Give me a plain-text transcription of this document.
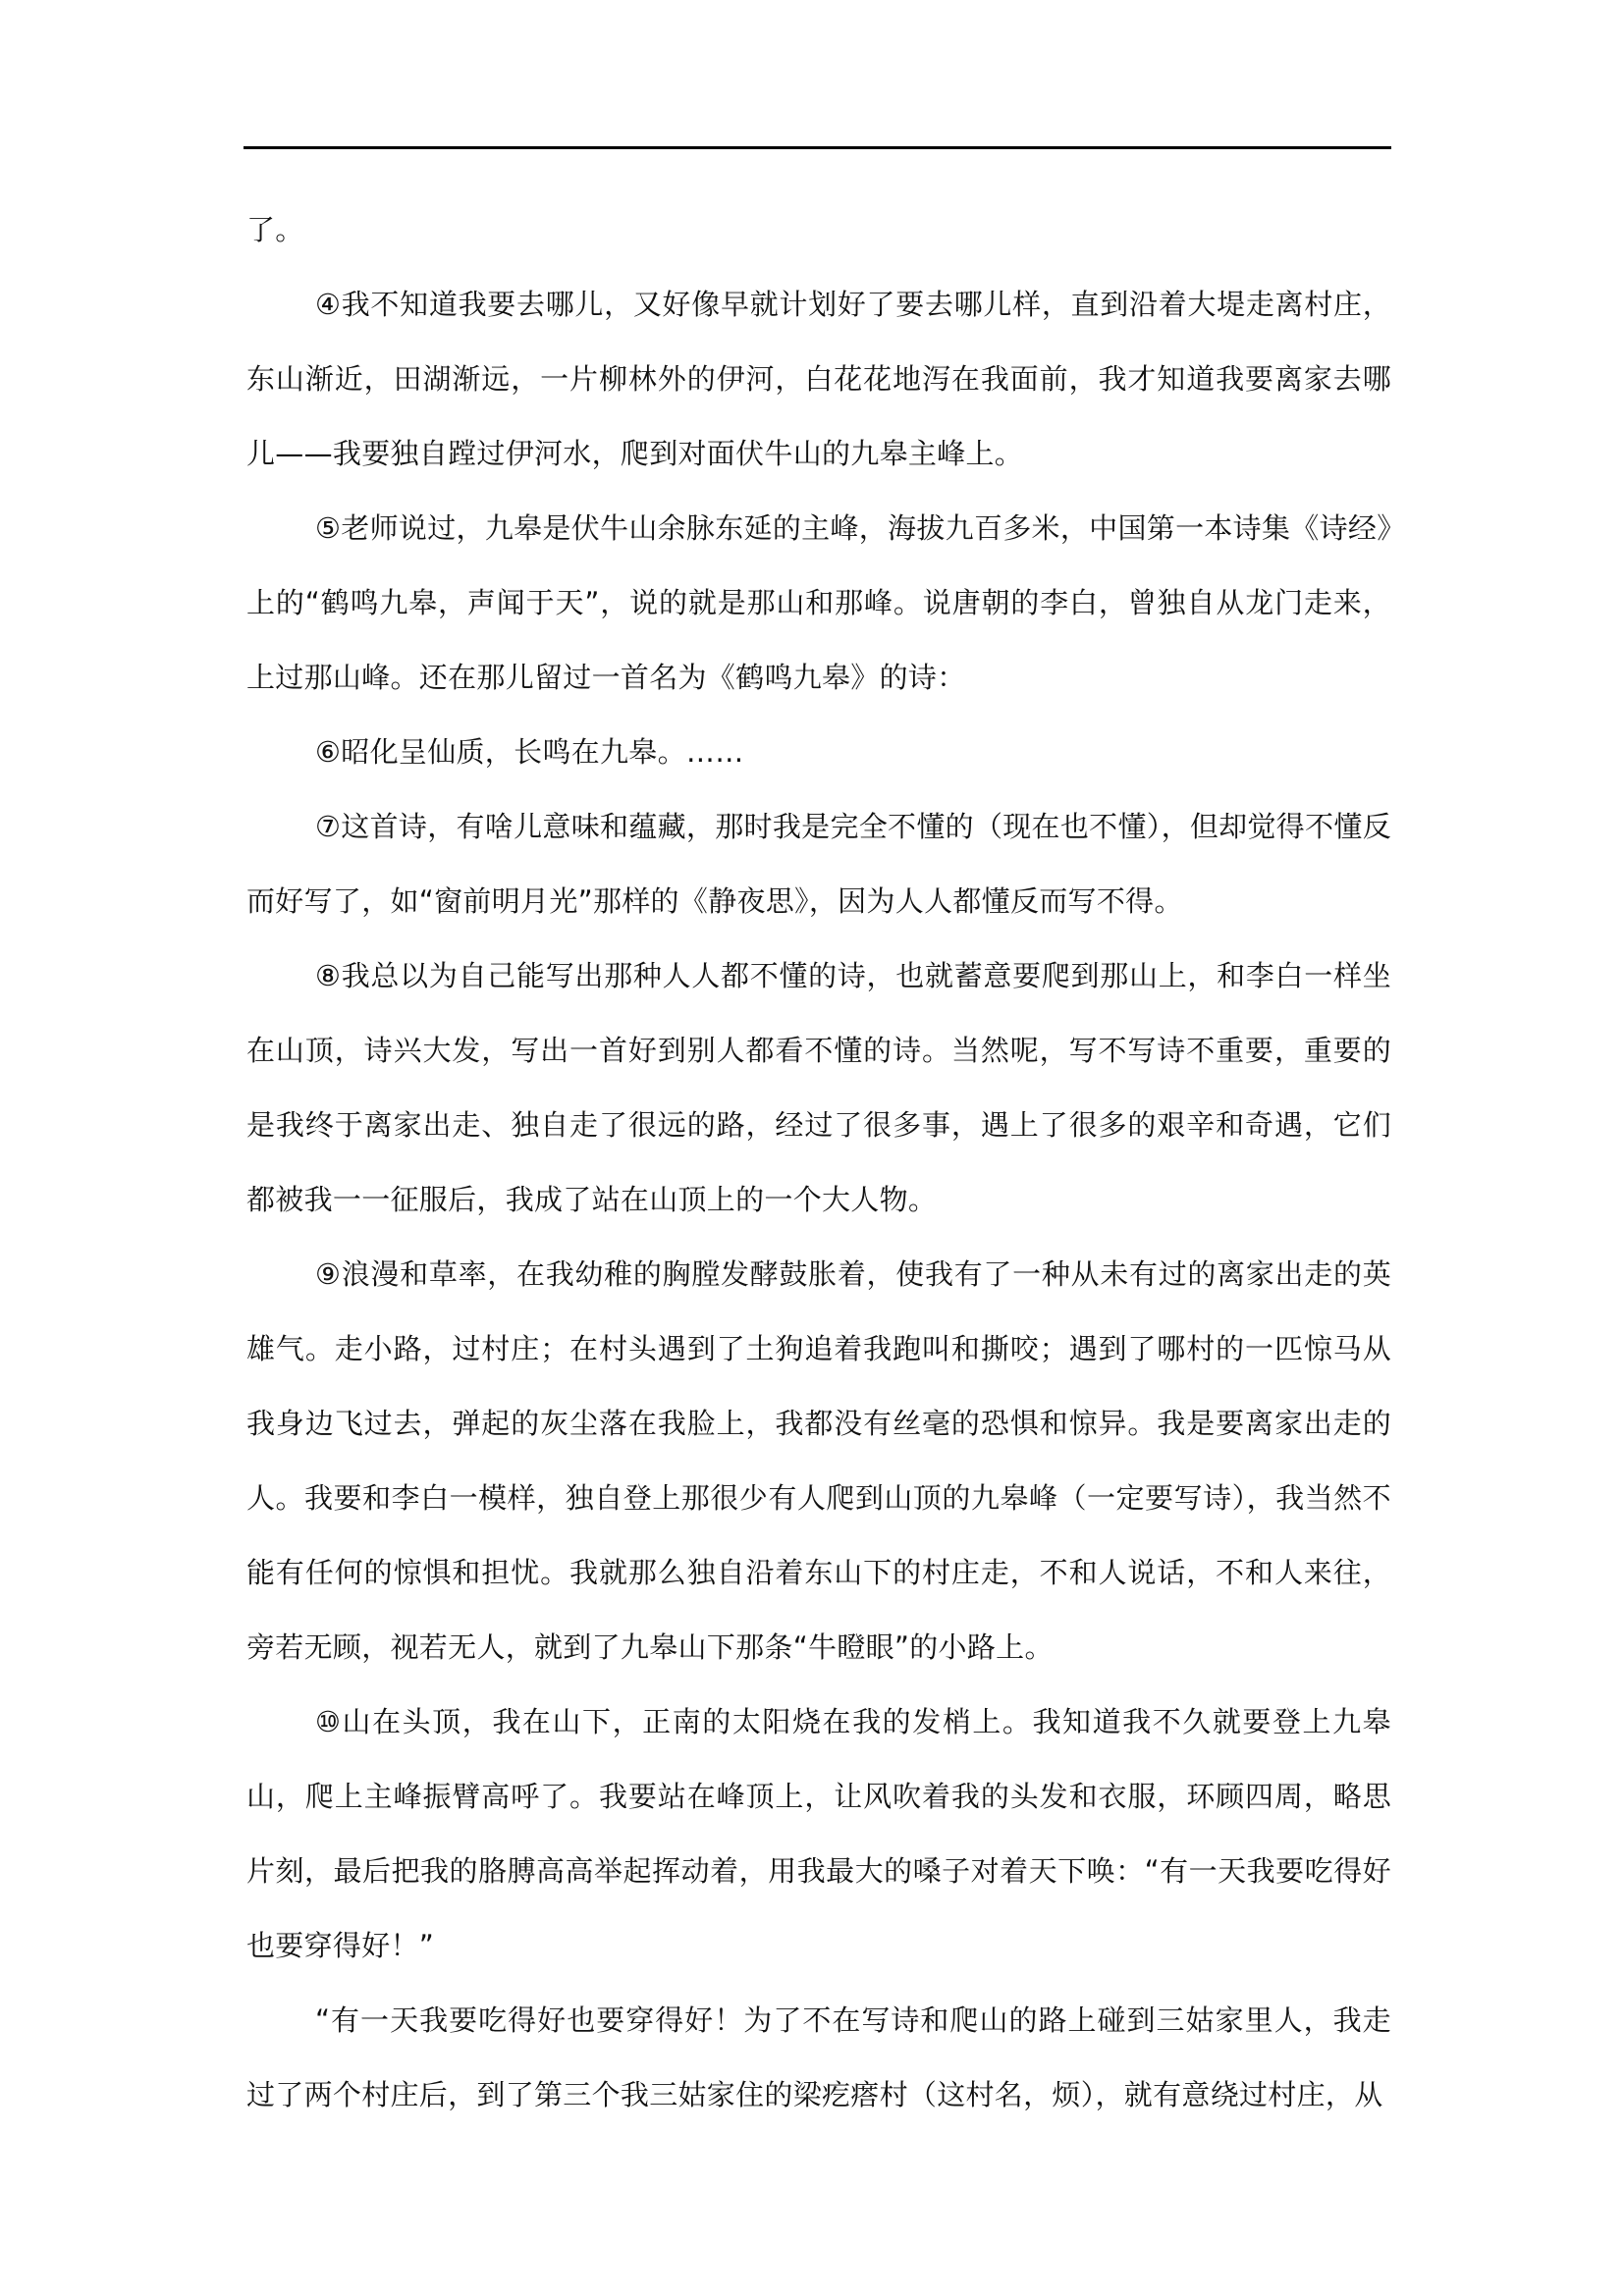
了。

④我不知道我要去哪儿，又好像早就计划好了要去哪儿样，直到沿着大堤走离村庄，东山渐近，田湖渐远，一片柳林外的伊河，白花花地泻在我面前，我才知道我要离家去哪儿——我要独自蹚过伊河水，爬到对面伏牛山的九皋主峰上。

⑤老师说过，九皋是伏牛山余脉东延的主峰，海拔九百多米，中国第一本诗集《诗经》上的“鹤鸣九皋，声闻于天”，说的就是那山和那峰。说唐朝的李白，曾独自从龙门走来，上过那山峰。还在那儿留过一首名为《鹤鸣九皋》的诗：

⑥昭化呈仙质，长鸣在九皋。……

⑦这首诗，有啥儿意味和蕴藏，那时我是完全不懂的（现在也不懂），但却觉得不懂反而好写了，如“窗前明月光”那样的《静夜思》，因为人人都懂反而写不得。

⑧我总以为自己能写出那种人人都不懂的诗，也就蓄意要爬到那山上，和李白一样坐在山顶，诗兴大发，写出一首好到别人都看不懂的诗。当然呢，写不写诗不重要，重要的是我终于离家出走、独自走了很远的路，经过了很多事，遇上了很多的艰辛和奇遇，它们都被我一一征服后，我成了站在山顶上的一个大人物。

⑨浪漫和草率，在我幼稚的胸膛发酵鼓胀着，使我有了一种从未有过的离家出走的英雄气。走小路，过村庄；在村头遇到了土狗追着我跑叫和撕咬；遇到了哪村的一匹惊马从我身边飞过去，弹起的灰尘落在我脸上，我都没有丝毫的恐惧和惊异。我是要离家出走的人。我要和李白一模样，独自登上那很少有人爬到山顶的九皋峰（一定要写诗），我当然不能有任何的惊惧和担忧。我就那么独自沿着东山下的村庄走，不和人说话，不和人来往，旁若无顾，视若无人，就到了九皋山下那条“牛瞪眼”的小路上。

⑩山在头顶，我在山下，正南的太阳烧在我的发梢上。我知道我不久就要登上九皋山，爬上主峰振臂高呼了。我要站在峰顶上，让风吹着我的头发和衣服，环顾四周，略思片刻，最后把我的胳膊高高举起挥动着，用我最大的嗓子对着天下唤：“有一天我要吃得好也要穿得好！”

“有一天我要吃得好也要穿得好！为了不在写诗和爬山的路上碰到三姑家里人，我走过了两个村庄后，到了第三个我三姑家住的梁疙瘩村（这村名，烦），就有意绕过村庄，从
